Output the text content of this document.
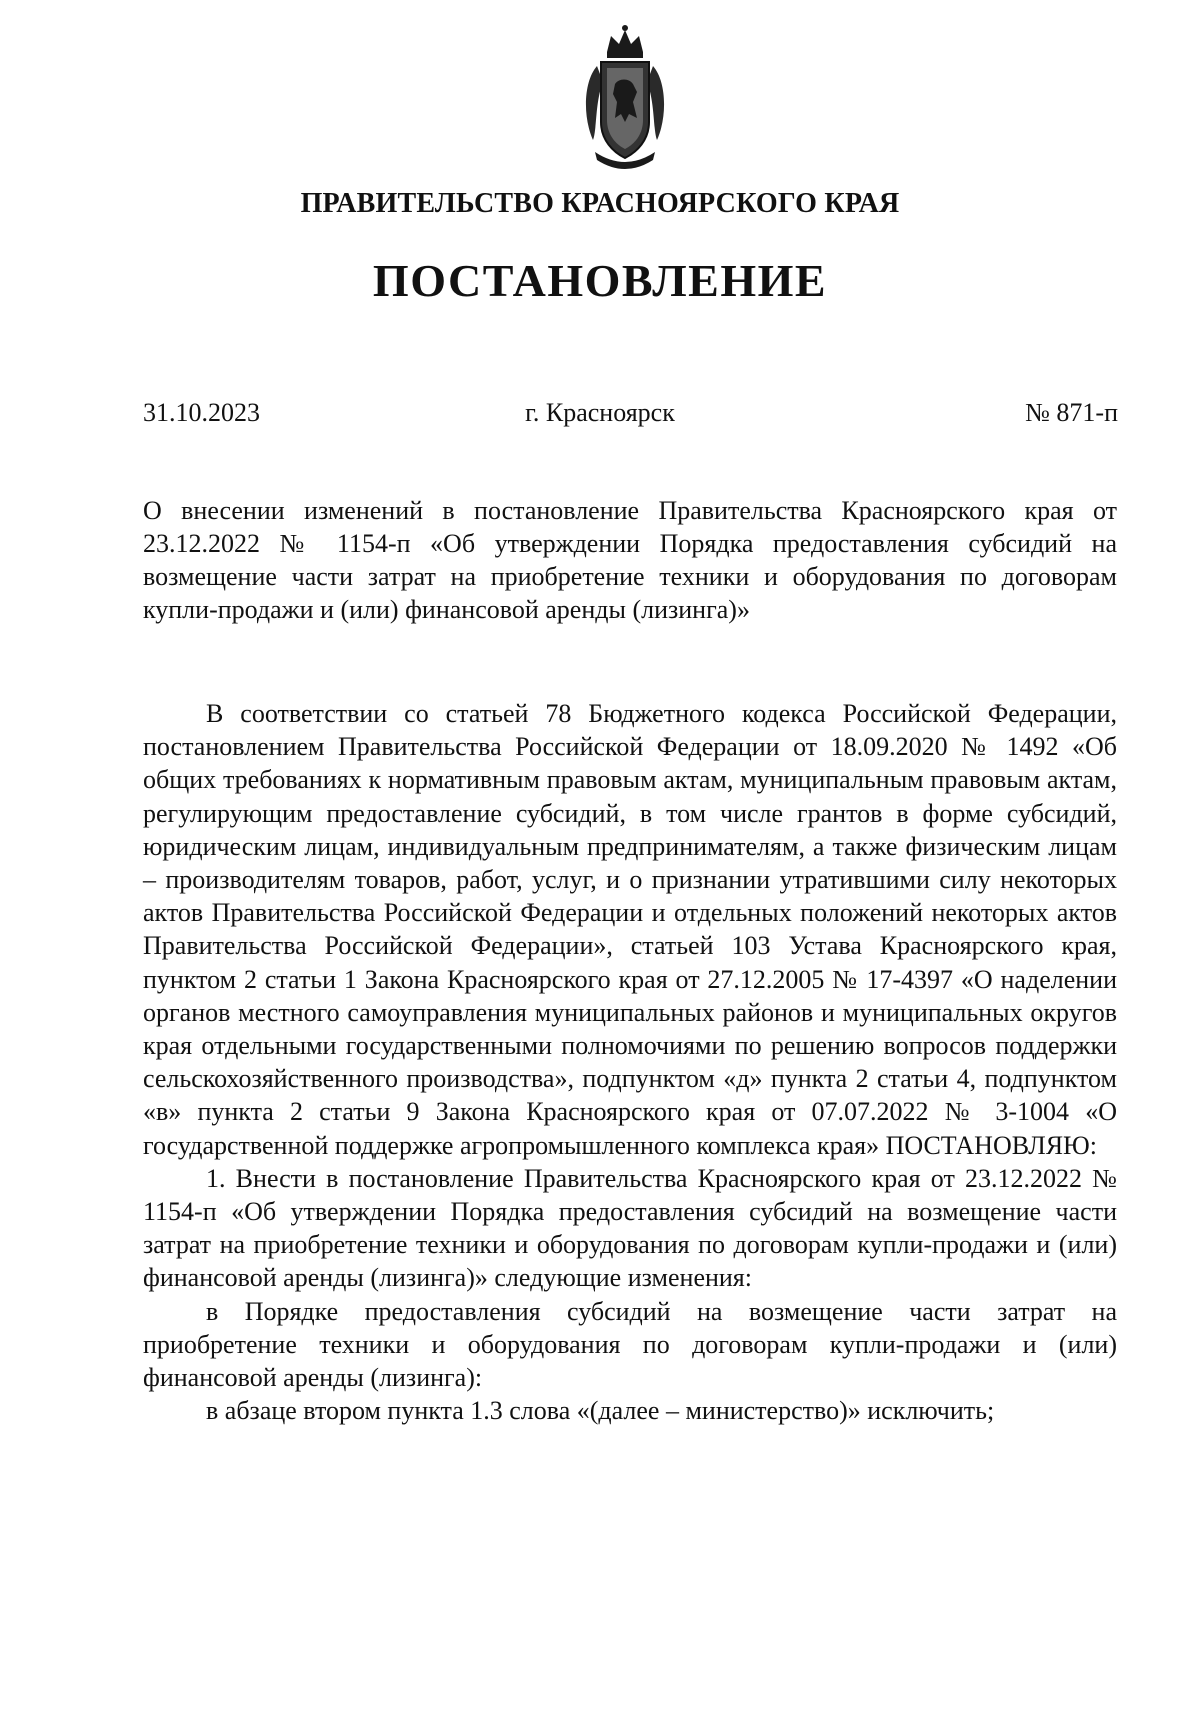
ПРАВИТЕЛЬСТВО КРАСНОЯРСКОГО КРАЯ
ПОСТАНОВЛЕНИЕ
31.10.2023	г. Красноярск	№ 871-п
О внесении изменений в постановление Правительства Красноярского края от 23.12.2022 № 1154-п «Об утверждении Порядка предоставления субсидий на возмещение части затрат на приобретение техники и оборудования по договорам купли-продажи и (или) финансовой аренды (лизинга)»

В соответствии со статьей 78 Бюджетного кодекса Российской Федерации, постановлением Правительства Российской Федерации от 18.09.2020 № 1492 «Об общих требованиях к нормативным правовым актам, муниципальным правовым актам, регулирующим предоставление субсидий, в том числе грантов в форме субсидий, юридическим лицам, индивидуальным предпринимателям, а также физическим лицам – производителям товаров, работ, услуг, и о признании утратившими силу некоторых актов Правительства Российской Федерации и отдельных положений некоторых актов Правительства Российской Федерации», статьей 103 Устава Красноярского края, пунктом 2 статьи 1 Закона Красноярского края от 27.12.2005 № 17-4397 «О наделении органов местного самоуправления муниципальных районов и муниципальных округов края отдельными государственными полномочиями по решению вопросов поддержки сельскохозяйственного производства», подпунктом «д» пункта 2 статьи 4, подпунктом «в» пункта 2 статьи 9 Закона Красноярского края от 07.07.2022 № 3-1004 «О государственной поддержке агропромышленного комплекса края» ПОСТАНОВЛЯЮ:

1. Внести в постановление Правительства Красноярского края от 23.12.2022 № 1154-п «Об утверждении Порядка предоставления субсидий на возмещение части затрат на приобретение техники и оборудования по договорам купли-продажи и (или) финансовой аренды (лизинга)» следующие изменения:

в Порядке предоставления субсидий на возмещение части затрат на приобретение техники и оборудования по договорам купли-продажи и (или) финансовой аренды (лизинга):

в абзаце втором пункта 1.3 слова «(далее – министерство)» исключить;
